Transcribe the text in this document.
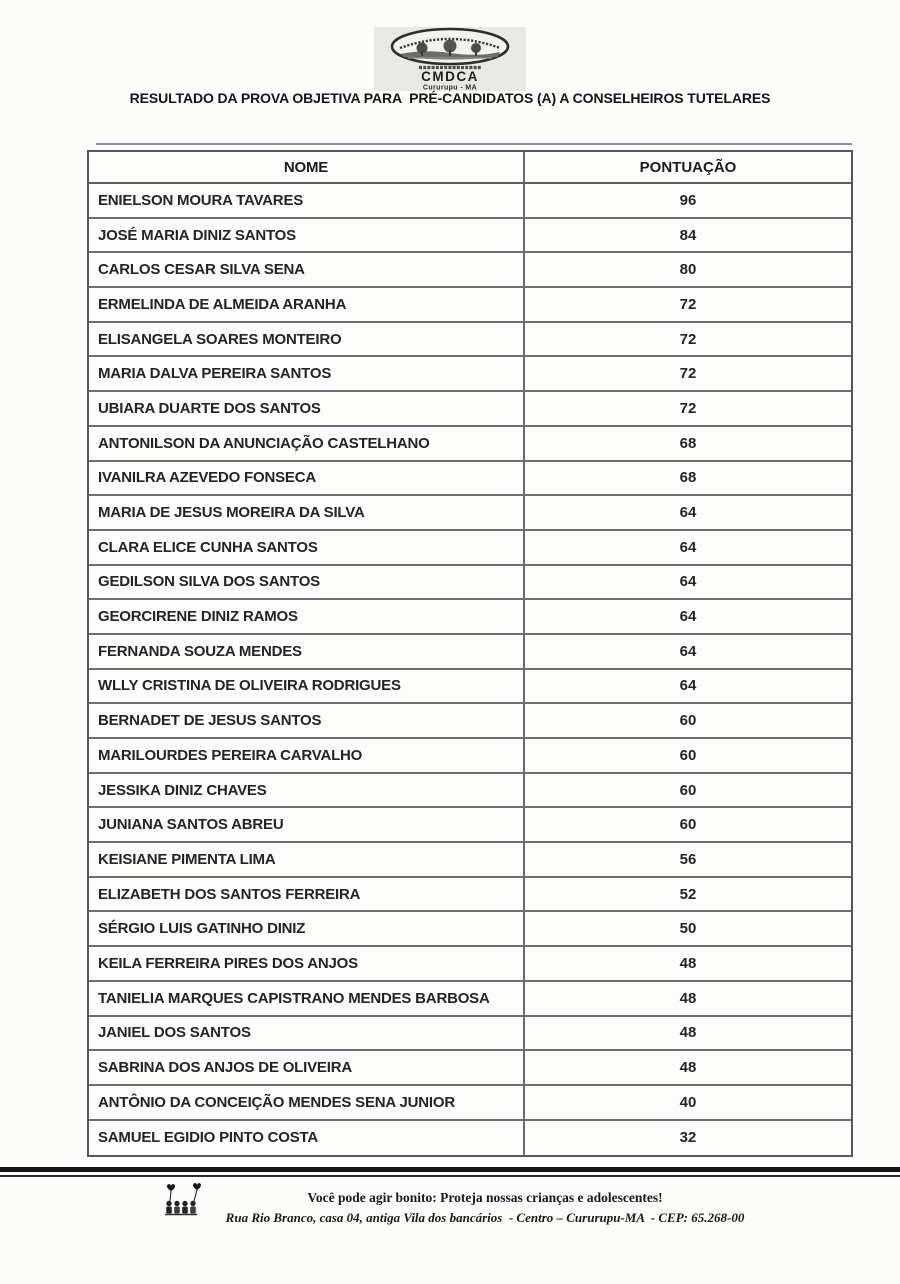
CMDCA
Cururupu - MA
RESULTADO DA PROVA OBJETIVA PARA  PRÉ-CANDIDATOS (A) A CONSELHEIROS TUTELARES
NOME	PONTUAÇÃO
ENIELSON MOURA TAVARES	96
JOSÉ MARIA DINIZ SANTOS	84
CARLOS CESAR SILVA SENA	80
ERMELINDA DE ALMEIDA ARANHA	72
ELISANGELA SOARES MONTEIRO	72
MARIA DALVA PEREIRA SANTOS	72
UBIARA DUARTE DOS SANTOS	72
ANTONILSON DA ANUNCIAÇÃO CASTELHANO	68
IVANILRA AZEVEDO FONSECA	68
MARIA DE JESUS MOREIRA DA SILVA	64
CLARA ELICE CUNHA SANTOS	64
GEDILSON SILVA DOS SANTOS	64
GEORCIRENE DINIZ RAMOS	64
FERNANDA SOUZA MENDES	64
WLLY CRISTINA DE OLIVEIRA RODRIGUES	64
BERNADET DE JESUS SANTOS	60
MARILOURDES PEREIRA CARVALHO	60
JESSIKA DINIZ CHAVES	60
JUNIANA SANTOS ABREU	60
KEISIANE PIMENTA LIMA	56
ELIZABETH DOS SANTOS FERREIRA	52
SÉRGIO LUIS GATINHO DINIZ	50
KEILA FERREIRA PIRES DOS ANJOS	48
TANIELIA MARQUES CAPISTRANO MENDES BARBOSA	48
JANIEL DOS SANTOS	48
SABRINA DOS ANJOS DE OLIVEIRA	48
ANTÔNIO DA CONCEIÇÃO MENDES SENA JUNIOR	40
SAMUEL EGIDIO PINTO COSTA	32
Você pode agir bonito: Proteja nossas crianças e adolescentes!
Rua Rio Branco, casa 04, antiga Vila dos bancários  - Centro – Cururupu-MA  - CEP: 65.268-00
